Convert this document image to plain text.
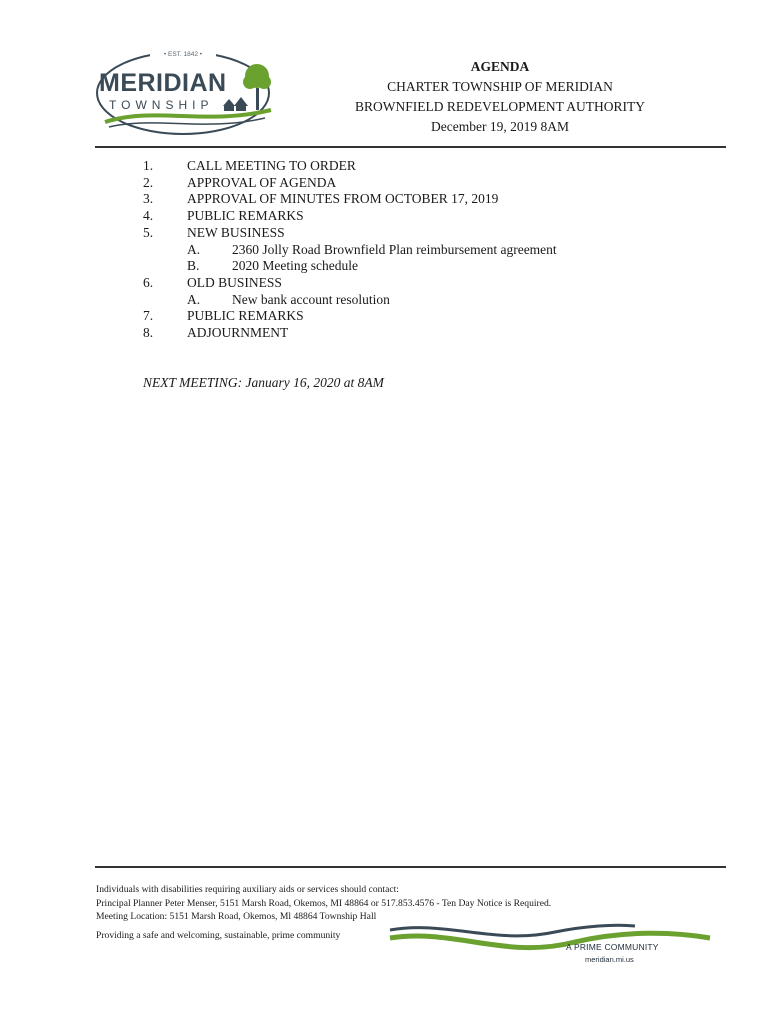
• EST. 1842 •
MERIDIAN
TOWNSHIP
AGENDA
CHARTER TOWNSHIP OF MERIDIAN
BROWNFIELD REDEVELOPMENT AUTHORITY
December 19, 2019 8AM
1.	CALL MEETING TO ORDER
2.	APPROVAL OF AGENDA
3.	APPROVAL OF MINUTES FROM OCTOBER 17, 2019
4.	PUBLIC REMARKS
5.	NEW BUSINESS
A.	2360 Jolly Road Brownfield Plan reimbursement agreement
B.	2020 Meeting schedule
6.	OLD BUSINESS
A.	New bank account resolution
7.	PUBLIC REMARKS
8.	ADJOURNMENT
NEXT MEETING: January 16, 2020 at 8AM
Individuals with disabilities requiring auxiliary aids or services should contact:
Principal Planner Peter Menser, 5151 Marsh Road, Okemos, MI 48864 or 517.853.4576 - Ten Day Notice is Required.
Meeting Location: 5151 Marsh Road, Okemos, Ml 48864 Township Hall
Providing a safe and welcoming, sustainable, prime community
A PRIME COMMUNITY
meridian.mi.us
